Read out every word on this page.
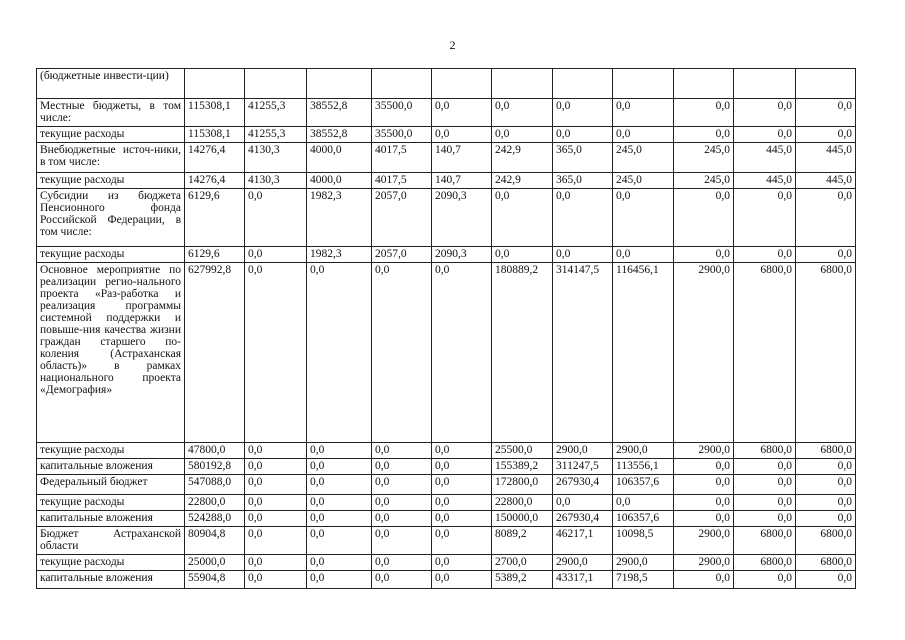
2
(бюджетные инвести-ции)											
Местные бюджеты, в том числе:	115308,1	41255,3	38552,8	35500,0	0,0	0,0	0,0	0,0	0,0	0,0	0,0
текущие расходы	115308,1	41255,3	38552,8	35500,0	0,0	0,0	0,0	0,0	0,0	0,0	0,0
Внебюджетные источ-ники, в том числе:	14276,4	4130,3	4000,0	4017,5	140,7	242,9	365,0	245,0	245,0	445,0	445,0
текущие расходы	14276,4	4130,3	4000,0	4017,5	140,7	242,9	365,0	245,0	245,0	445,0	445,0
Субсидии из бюджета Пенсионного фонда Российской Федерации, в том числе:	6129,6	0,0	1982,3	2057,0	2090,3	0,0	0,0	0,0	0,0	0,0	0,0
текущие расходы	6129,6	0,0	1982,3	2057,0	2090,3	0,0	0,0	0,0	0,0	0,0	0,0
Основное мероприятие по реализации регио-нального проекта «Раз-работка и реализация программы системной поддержки и повыше-ния качества жизни граждан старшего по-коления (Астраханская область)» в рамках национального проекта «Демография»	627992,8	0,0	0,0	0,0	0,0	180889,2	314147,5	116456,1	2900,0	6800,0	6800,0
текущие расходы	47800,0	0,0	0,0	0,0	0,0	25500,0	2900,0	2900,0	2900,0	6800,0	6800,0
капитальные вложения	580192,8	0,0	0,0	0,0	0,0	155389,2	311247,5	113556,1	0,0	0,0	0,0
Федеральный бюджет	547088,0	0,0	0,0	0,0	0,0	172800,0	267930,4	106357,6	0,0	0,0	0,0
текущие расходы	22800,0	0,0	0,0	0,0	0,0	22800,0	0,0	0,0	0,0	0,0	0,0
капитальные вложения	524288,0	0,0	0,0	0,0	0,0	150000,0	267930,4	106357,6	0,0	0,0	0,0
Бюджет Астраханской области	80904,8	0,0	0,0	0,0	0,0	8089,2	46217,1	10098,5	2900,0	6800,0	6800,0
текущие расходы	25000,0	0,0	0,0	0,0	0,0	2700,0	2900,0	2900,0	2900,0	6800,0	6800,0
капитальные вложения	55904,8	0,0	0,0	0,0	0,0	5389,2	43317,1	7198,5	0,0	0,0	0,0
